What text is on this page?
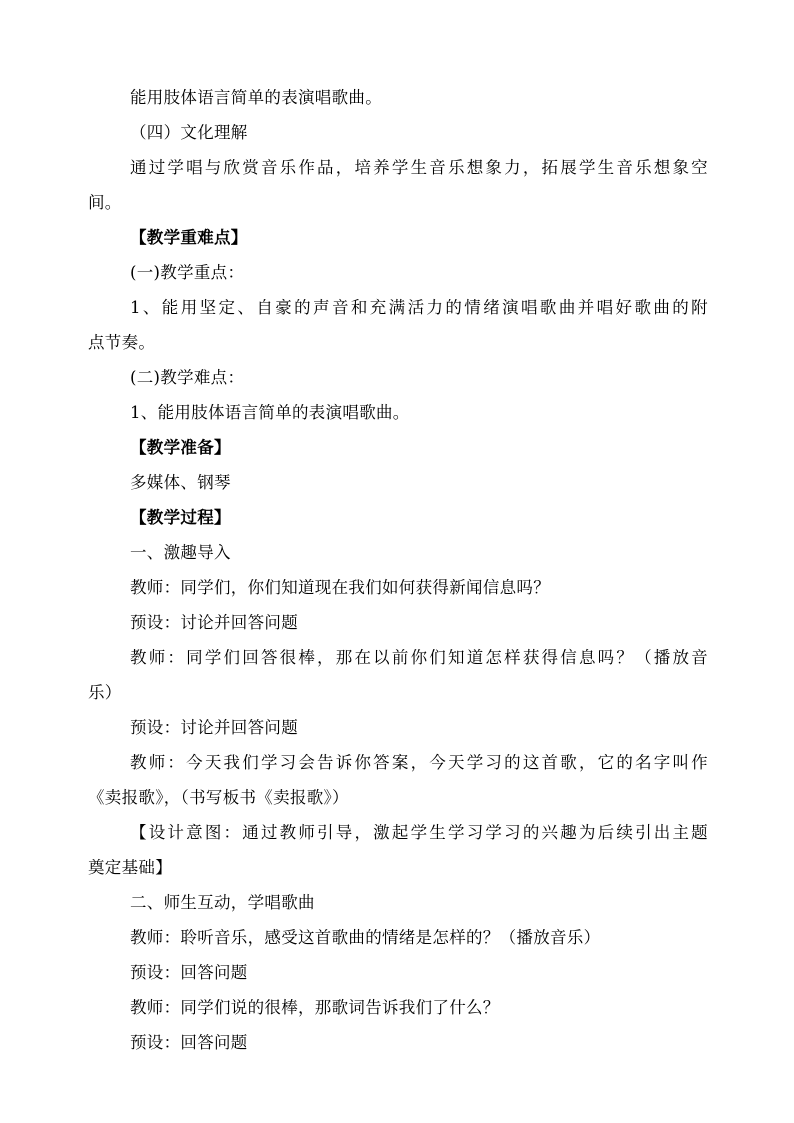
能用肢体语言简单的表演唱歌曲。
（四）文化理解
通过学唱与欣赏音乐作品，培养学生音乐想象力，拓展学生音乐想象空
间。
【教学重难点】
(一)教学重点：
1、能用坚定、自豪的声音和充满活力的情绪演唱歌曲并唱好歌曲的附
点节奏。
(二)教学难点：
1、能用肢体语言简单的表演唱歌曲。
【教学准备】
多媒体、钢琴
【教学过程】
一、激趣导入
教师：同学们，你们知道现在我们如何获得新闻信息吗？
预设：讨论并回答问题
教师：同学们回答很棒，那在以前你们知道怎样获得信息吗？（播放音
乐）
预设：讨论并回答问题
教师：今天我们学习会告诉你答案，今天学习的这首歌，它的名字叫作
《卖报歌》，（书写板书《卖报歌》）
【设计意图：通过教师引导，激起学生学习学习的兴趣为后续引出主题
奠定基础】
二、师生互动，学唱歌曲
教师：聆听音乐，感受这首歌曲的情绪是怎样的？（播放音乐）
预设：回答问题
教师：同学们说的很棒，那歌词告诉我们了什么？
预设：回答问题
